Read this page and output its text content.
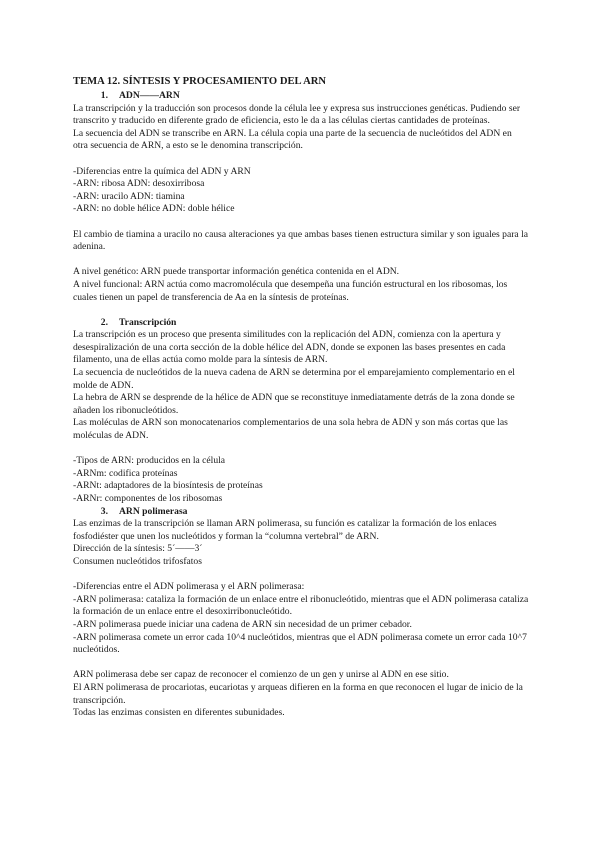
TEMA 12. SÍNTESIS Y PROCESAMIENTO DEL ARN
1. ADN——ARN

La transcripción y la traducción son procesos donde la célula lee y expresa sus instrucciones genéticas. Pudiendo ser transcrito y traducido en diferente grado de eficiencia, esto le da a las células ciertas cantidades de proteínas.

La secuencia del ADN se transcribe en ARN. La célula copia una parte de la secuencia de nucleótidos del ADN en otra secuencia de ARN, a esto se le denomina transcripción.

-Diferencias entre la química del ADN y ARN

-ARN: ribosa ADN: desoxirribosa

-ARN: uracilo ADN: tiamina

-ARN: no doble hélice ADN: doble hélice

El cambio de tiamina a uracilo no causa alteraciones ya que ambas bases tienen estructura similar y son iguales para la adenina.

A nivel genético: ARN puede transportar información genética contenida en el ADN.

A nivel funcional: ARN actúa como macromolécula que desempeña una función estructural en los ribosomas, los cuales tienen un papel de transferencia de Aa en la síntesis de proteínas.

2. Transcripción

La transcripción es un proceso que presenta similitudes con la replicación del ADN, comienza con la apertura y desespiralización de una corta sección de la doble hélice del ADN, donde se exponen las bases presentes en cada filamento, una de ellas actúa como molde para la síntesis de ARN.

La secuencia de nucleótidos de la nueva cadena de ARN se determina por el emparejamiento complementario en el molde de ADN.

La hebra de ARN se desprende de la hélice de ADN que se reconstituye inmediatamente detrás de la zona donde se añaden los ribonucleótidos.

Las moléculas de ARN son monocatenarios complementarios de una sola hebra de ADN y son más cortas que las moléculas de ADN.

-Tipos de ARN: producidos en la célula

-ARNm: codifica proteínas

-ARNt: adaptadores de la biosíntesis de proteínas

-ARNr: componentes de los ribosomas

3. ARN polimerasa

Las enzimas de la transcripción se llaman ARN polimerasa, su función es catalizar la formación de los enlaces fosfodiéster que unen los nucleótidos y forman la “columna vertebral” de ARN.

Dirección de la síntesis: 5´——3´

Consumen nucleótidos trifosfatos

-Diferencias entre el ADN polimerasa y el ARN polimerasa:

-ARN polimerasa: cataliza la formación de un enlace entre el ribonucleótido, mientras que el ADN polimerasa cataliza la formación de un enlace entre el desoxirribonucleótido.

-ARN polimerasa puede iniciar una cadena de ARN sin necesidad de un primer cebador.

-ARN polimerasa comete un error cada 10^4 nucleótidos, mientras que el ADN polimerasa comete un error cada 10^7 nucleótidos.

ARN polimerasa debe ser capaz de reconocer el comienzo de un gen y unirse al ADN en ese sitio.

El ARN polimerasa de procariotas, eucariotas y arqueas difieren en la forma en que reconocen el lugar de inicio de la transcripción.

Todas las enzimas consisten en diferentes subunidades.
